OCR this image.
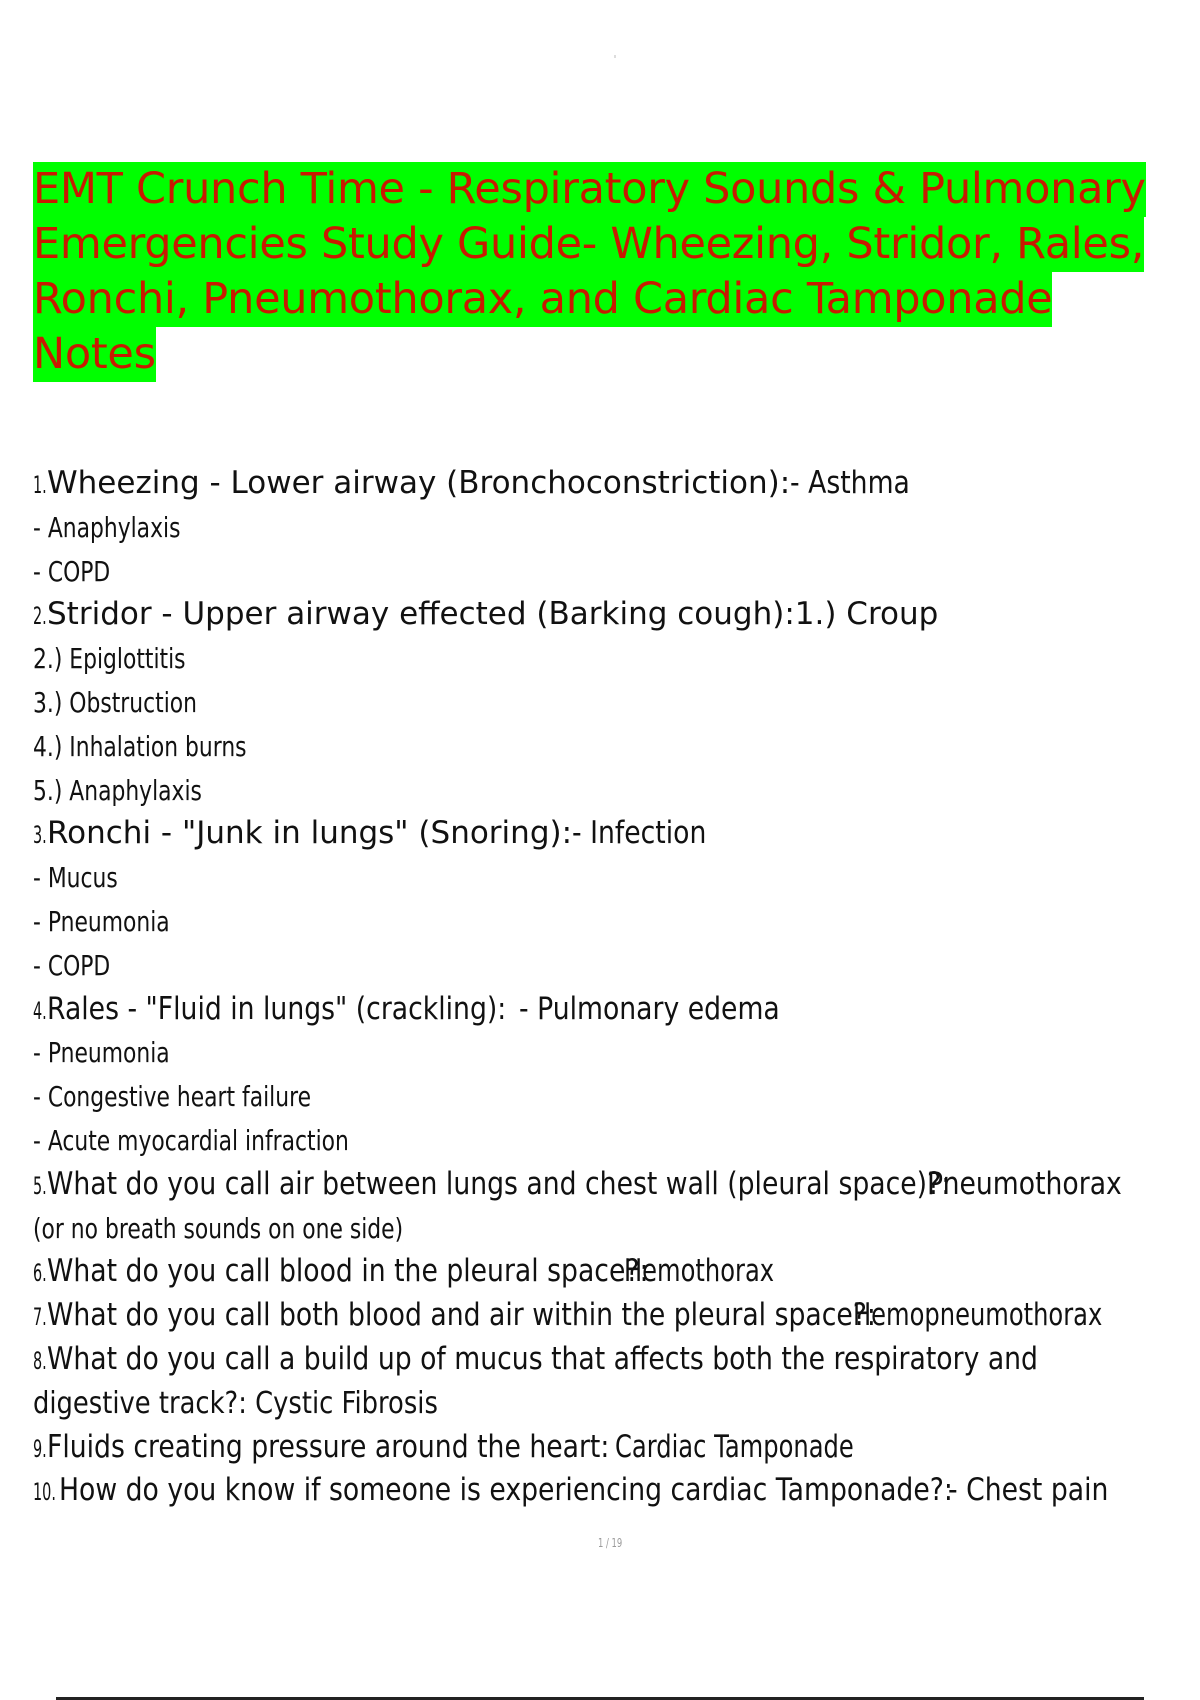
EMT Crunch Time - Respiratory Sounds & Pulmonary
Emergencies Study Guide- Wheezing, Stridor, Rales,
Ronchi, Pneumothorax, and Cardiac Tamponade
Notes
1.Wheezing - Lower airway (Bronchoconstriction):- Asthma
- Anaphylaxis
- COPD
2.Stridor - Upper airway effected (Barking cough):1.) Croup
2.) Epiglottitis
3.) Obstruction
4.) Inhalation burns
5.) Anaphylaxis
3.Ronchi - "Junk in lungs" (Snoring):- Infection
- Mucus
- Pneumonia
- COPD
4.Rales - "Fluid in lungs" (crackling):- Pulmonary edema
- Pneumonia
- Congestive heart failure
- Acute myocardial infraction
5.What do you call air between lungs and chest wall (pleural space)?:Pneumothorax
(or no breath sounds on one side)
6.What do you call blood in the pleural space?:Hemothorax
7.What do you call both blood and air within the pleural space?:Hemopneumothorax
8.What do you call a build up of mucus that affects both the respiratory and
digestive track?: Cystic Fibrosis
9.Fluids creating pressure around the heart:Cardiac Tamponade
10.How do you know if someone is experiencing cardiac Tamponade?:- Chest pain
1 / 19
